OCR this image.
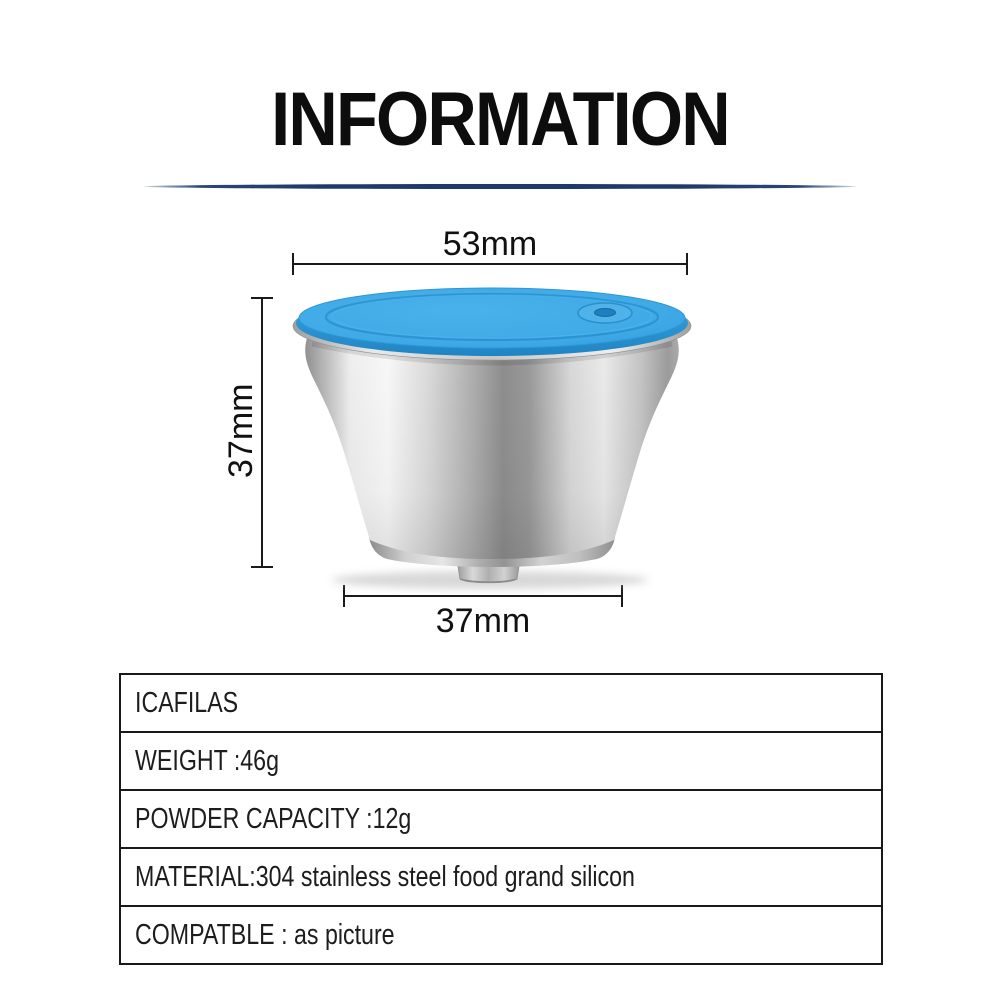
INFORMATION
53mm
37mm
37mm
ICAFILAS
WEIGHT :46g
POWDER CAPACITY :12g
MATERIAL:304 stainless steel food grand silicon
COMPATBLE : as picture
